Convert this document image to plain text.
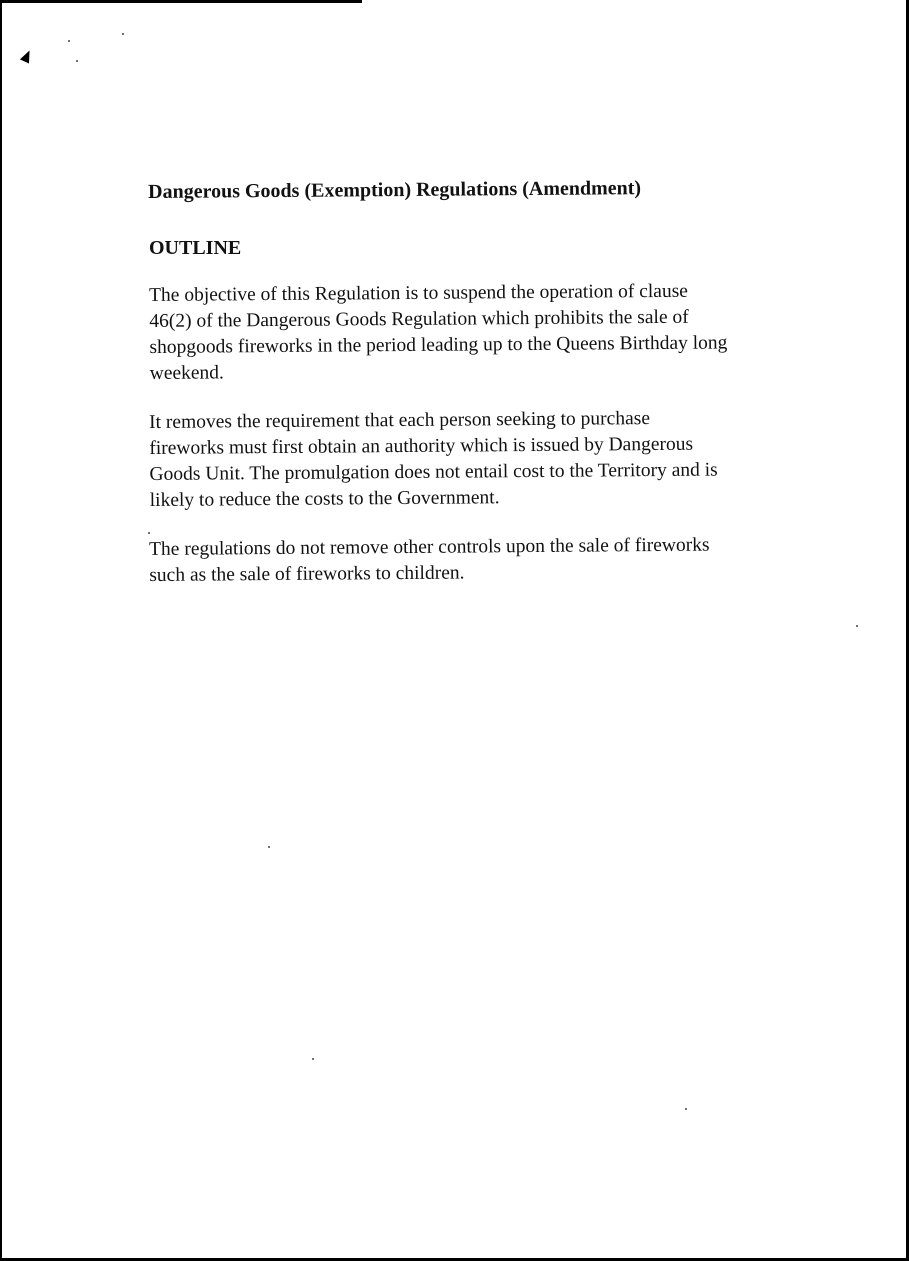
Dangerous Goods (Exemption) Regulations (Amendment)
OUTLINE
The objective of this Regulation is to suspend the operation of clause
46(2) of the Dangerous Goods Regulation which prohibits the sale of
shopgoods fireworks in the period leading up to the Queens Birthday long
weekend.
It removes the requirement that each person seeking to purchase
fireworks must first obtain an authority which is issued by Dangerous
Goods Unit. The promulgation does not entail cost to the Territory and is
likely to reduce the costs to the Government.
The regulations do not remove other controls upon the sale of fireworks
such as the sale of fireworks to children.
